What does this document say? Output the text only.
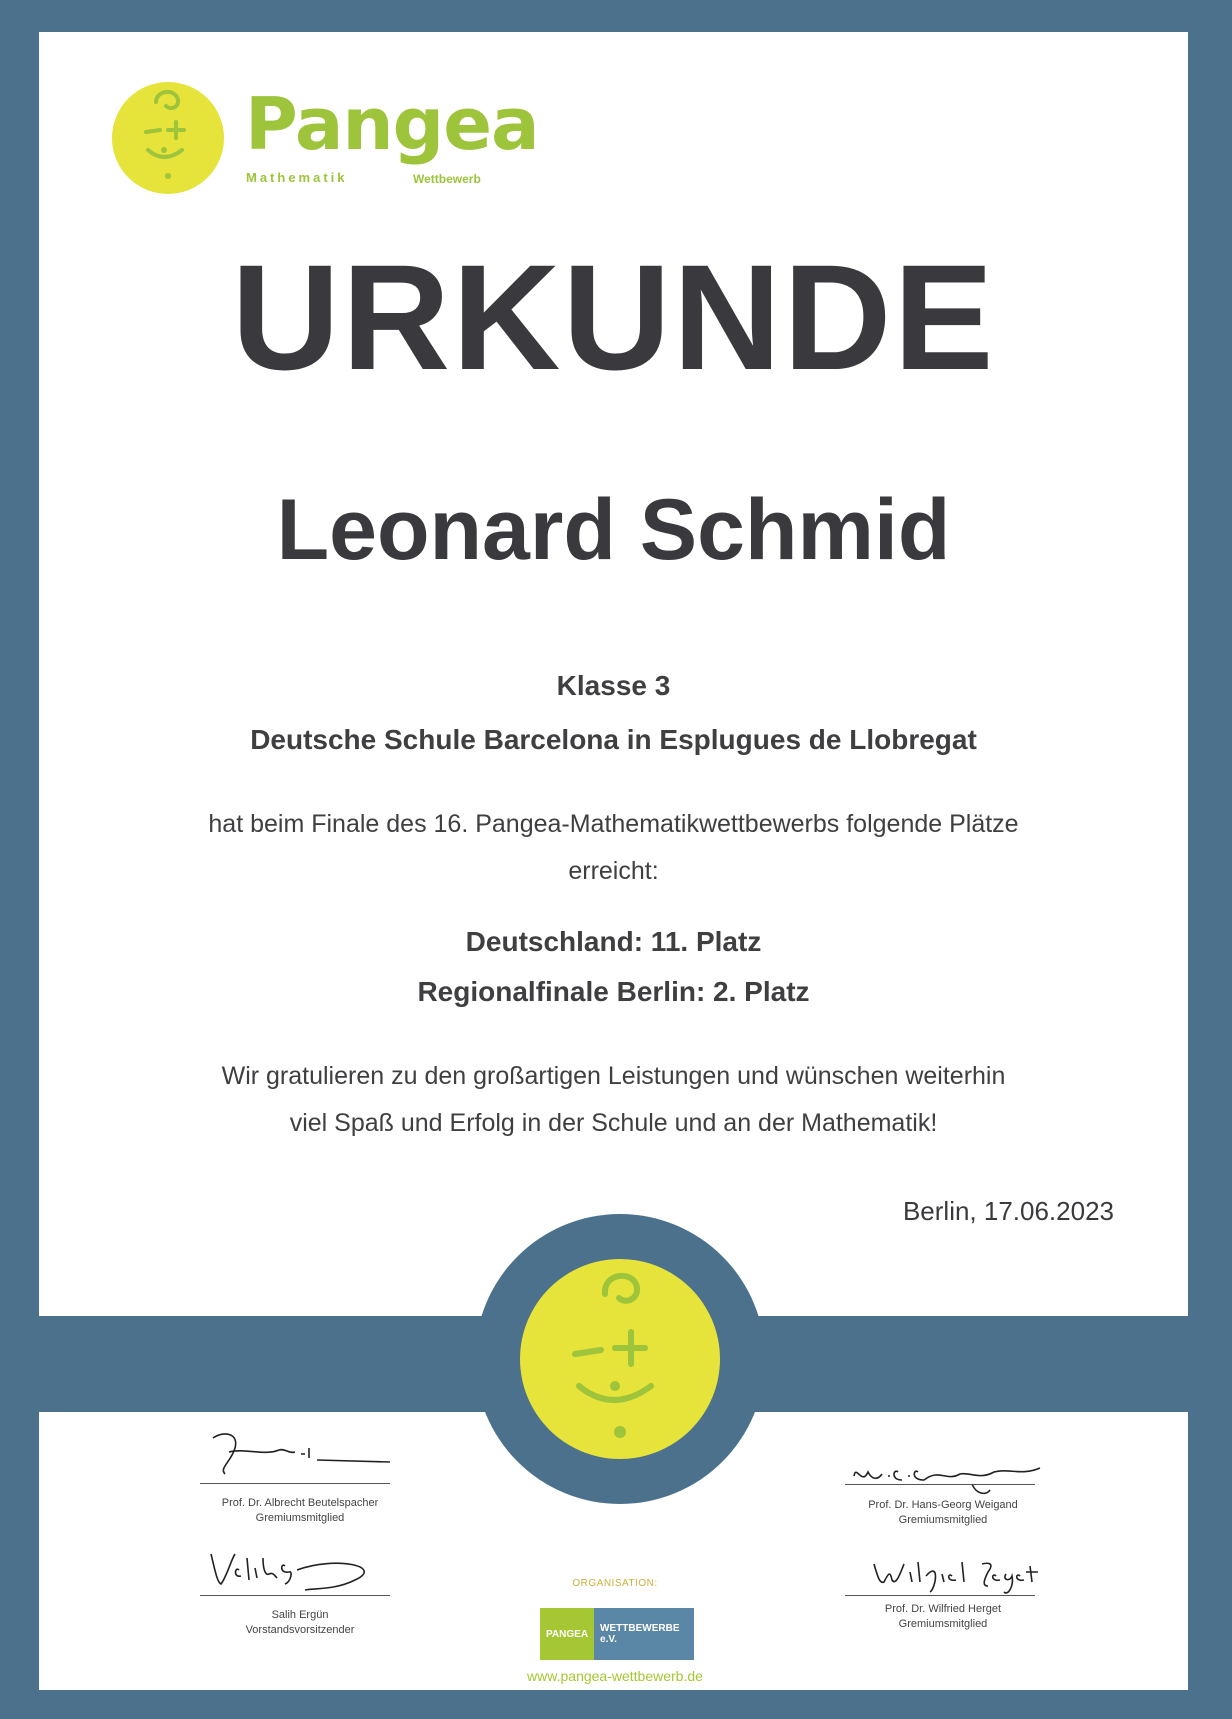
Pangea
Mathematik	Wettbewerb
URKUNDE
Leonard Schmid

Klasse 3

Deutsche Schule Barcelona in Esplugues de Llobregat

hat beim Finale des 16. Pangea-Mathematikwettbewerbs folgende Plätze

erreicht:

Deutschland: 11. Platz

Regionalfinale Berlin: 2. Platz

Wir gratulieren zu den großartigen Leistungen und wünschen weiterhin

viel Spaß und Erfolg in der Schule und an der Mathematik!

Berlin, 17.06.2023
Prof. Dr. Albrecht Beutelspacher
Gremiumsmitglied
Prof. Dr. Hans-Georg Weigand
Gremiumsmitglied
Salih Ergün
Vorstandsvorsitzender
Prof. Dr. Wilfried Herget
Gremiumsmitglied
ORGANISATION:
PANGEA	WETTBEWERBE e.V.
www.pangea-wettbewerb.de
